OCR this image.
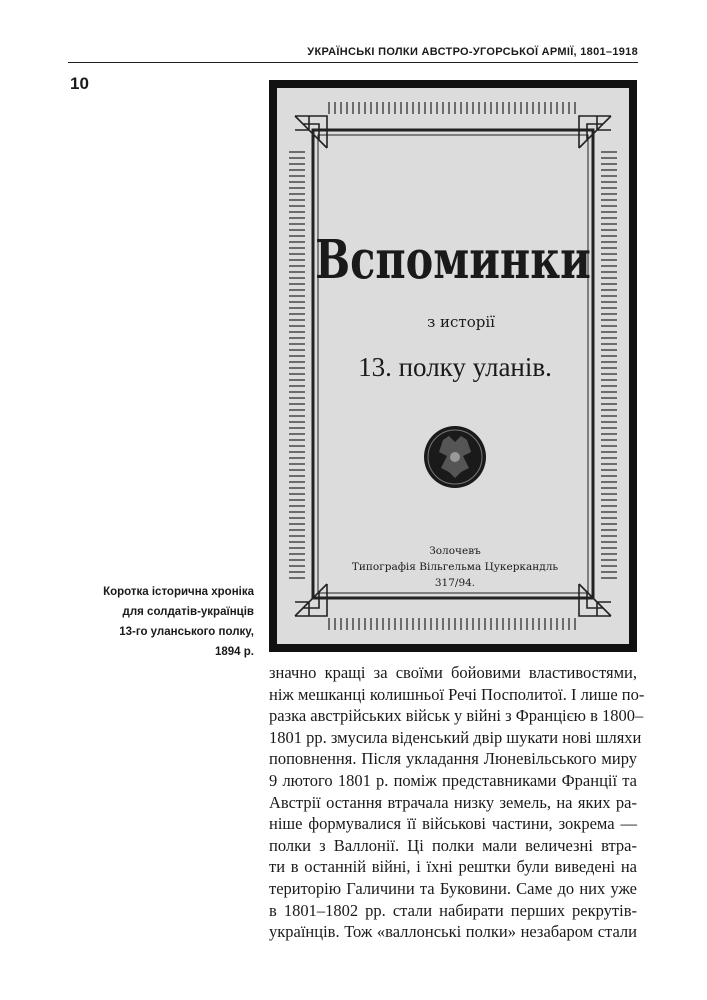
УКРАЇНСЬКІ ПОЛКИ АВСТРО-УГОРСЬКОЇ АРМІЇ, 1801–1918
10
Вспоминки
з исторії
13. полку уланів.
Золочевъ
Типографія Вільгельма Цукеркандль
317/94.
Коротка історична хроніка
для солдатів-українців
13-го уланського полку,
1894 р.
значно кращі за своїми бойовими властивостями,
ніж мешканці колишньої Речі Посполитої. І лише по-
разка австрійських військ у війні з Францією в 1800–
1801 рр. змусила віденський двір шукати нові шляхи
поповнення. Після укладання Люневільського миру
9 лютого 1801 р. поміж представниками Франції та
Австрії остання втрачала низку земель, на яких ра-
ніше формувалися її військові частини, зокрема —
полки з Валлонії. Ці полки мали величезні втра-
ти в останній війні, і їхні рештки були виведені на
територію Галичини та Буковини. Саме до них уже
в 1801–1802 рр. стали набирати перших рекрутів-
українців. Тож «валлонські полки» незабаром стали
